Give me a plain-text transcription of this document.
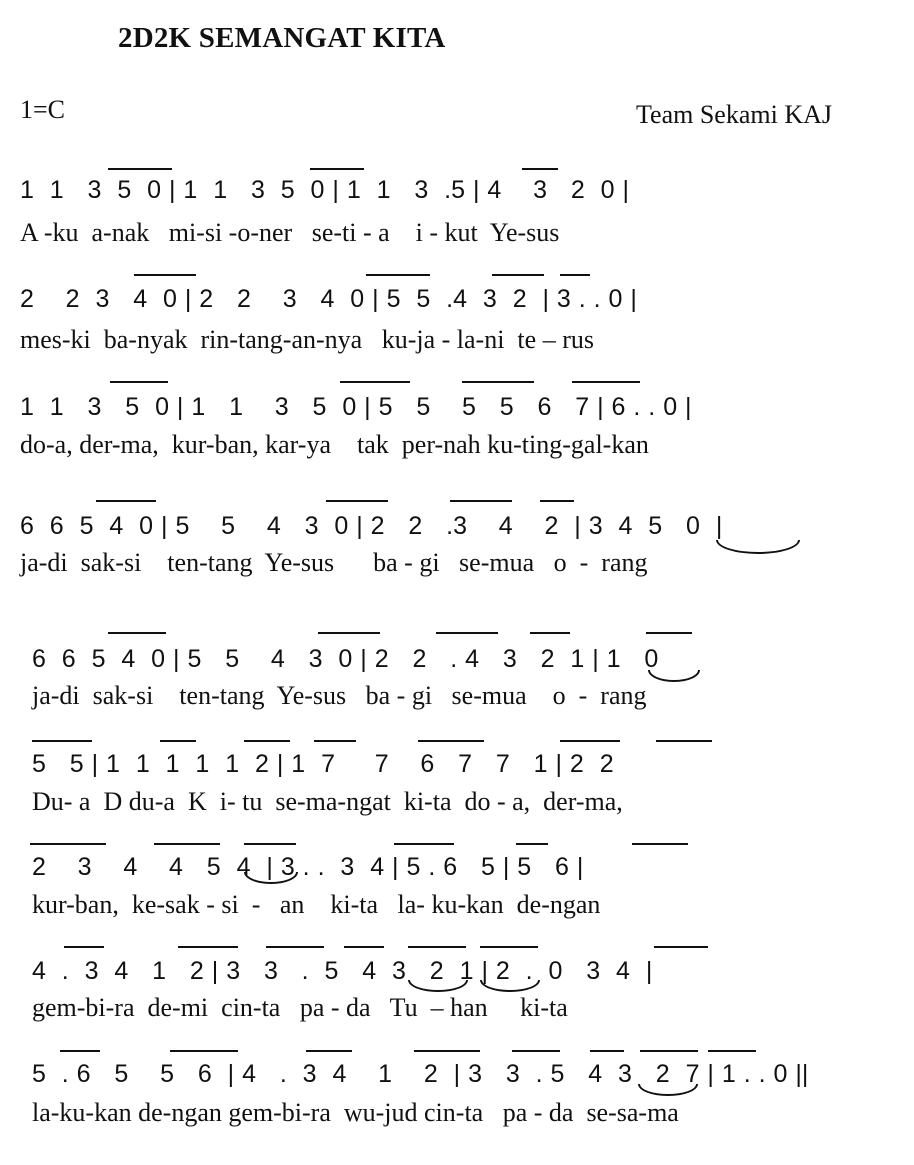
2D2K SEMANGAT KITA
1=C	Team Sekami KAJ
1  1   3  5  0 | 1  1   3  5  0 | 1  1   3  .5 | 4    3   2  0 |
A -ku  a-nak   mi-si -o-ner   se-ti - a    i - kut  Ye-sus
2    2  3   4  0 | 2   2    3   4  0 | 5  5  .4  3  2  | 3 . . 0 |
mes-ki  ba-nyak  rin-tang-an-nya   ku-ja - la-ni  te – rus
1  1   3   5  0 | 1   1    3   5  0 | 5   5    5   5   6   7 | 6 . . 0 |
do-a, der-ma,  kur-ban, kar-ya    tak  per-nah ku-ting-gal-kan
6  6  5  4  0 | 5    5    4   3  0 | 2   2   .3    4    2  | 3  4  5   0  |
ja-di  sak-si    ten-tang  Ye-sus      ba - gi   se-mua   o  -  rang
6  6  5  4  0 | 5   5    4   3  0 | 2   2   . 4   3   2  1 | 1   0
ja-di  sak-si    ten-tang  Ye-sus   ba - gi   se-mua    o  -  rang
5   5 | 1  1  1  1  1  2 | 1  7     7    6   7   7   1 | 2  2
Du- a  D du-a  K  i- tu  se-ma-ngat  ki-ta  do - a,  der-ma,
2    3    4    4   5  4  | 3 . .  3  4 | 5 . 6   5 | 5   6 |
kur-ban,  ke-sak - si  -   an    ki-ta   la- ku-kan  de-ngan
4  .  3  4   1   2 | 3   3   .  5   4  3   2  1 | 2  .  0   3  4  |
gem-bi-ra  de-mi  cin-ta   pa - da   Tu  – han     ki-ta
5  . 6   5    5   6  | 4   .  3  4    1    2  | 3   3  . 5   4  3   2  7 | 1 . . 0 ||
la-ku-kan de-ngan gem-bi-ra  wu-jud cin-ta   pa - da  se-sa-ma
